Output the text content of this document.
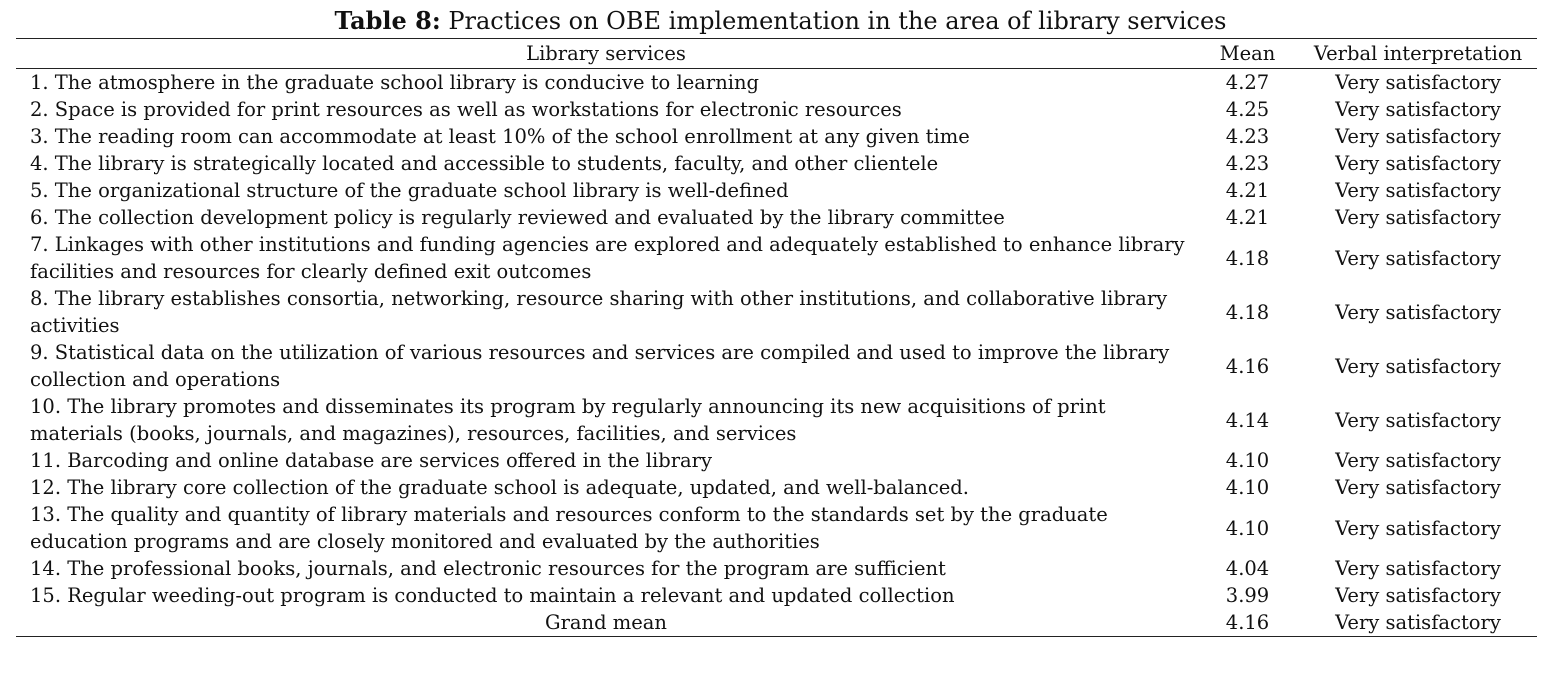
Table 8: Practices on OBE implementation in the area of library services
Library services	Mean	Verbal interpretation
1. The atmosphere in the graduate school library is conducive to learning	4.27	Very satisfactory
2. Space is provided for print resources as well as workstations for electronic resources	4.25	Very satisfactory
3. The reading room can accommodate at least 10% of the school enrollment at any given time	4.23	Very satisfactory
4. The library is strategically located and accessible to students, faculty, and other clientele	4.23	Very satisfactory
5. The organizational structure of the graduate school library is well-defined	4.21	Very satisfactory
6. The collection development policy is regularly reviewed and evaluated by the library committee	4.21	Very satisfactory
7. Linkages with other institutions and funding agencies are explored and adequately established to enhance library facilities and resources for clearly defined exit outcomes	4.18	Very satisfactory
8. The library establishes consortia, networking, resource sharing with other institutions, and collaborative library activities	4.18	Very satisfactory
9. Statistical data on the utilization of various resources and services are compiled and used to improve the library collection and operations	4.16	Very satisfactory
10. The library promotes and disseminates its program by regularly announcing its new acquisitions of print materials (books, journals, and magazines), resources, facilities, and services	4.14	Very satisfactory
11. Barcoding and online database are services offered in the library	4.10	Very satisfactory
12. The library core collection of the graduate school is adequate, updated, and well-balanced.	4.10	Very satisfactory
13. The quality and quantity of library materials and resources conform to the standards set by the graduate education programs and are closely monitored and evaluated by the authorities	4.10	Very satisfactory
14. The professional books, journals, and electronic resources for the program are sufficient	4.04	Very satisfactory
15. Regular weeding-out program is conducted to maintain a relevant and updated collection	3.99	Very satisfactory
Grand mean	4.16	Very satisfactory
